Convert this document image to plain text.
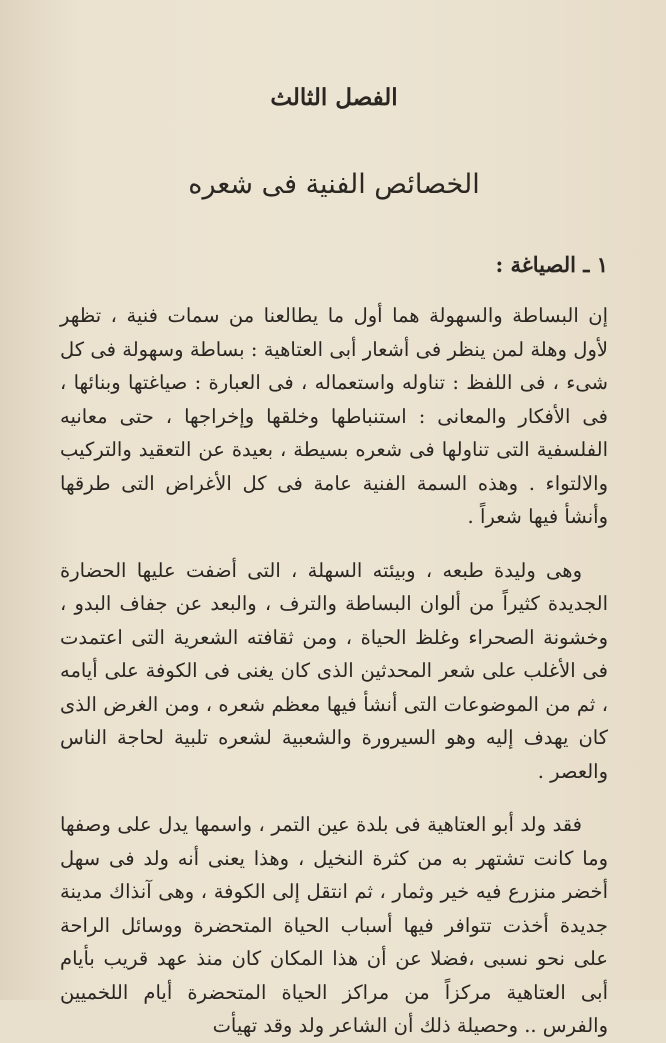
الفصل الثالث
الخصائص الفنية فى شعره
١ ـ الصياغة :

إن البساطة والسهولة هما أول ما يطالعنا من سمات فنية ، تظهر لأول وهلة لمن ينظر فى أشعار أبى العتاهية : بساطة وسهولة فى كل شىء ، فى اللفظ : تناوله واستعماله ، فى العبارة : صياغتها وبنائها ، فى الأفكار والمعانى : استنباطها وخلقها وإخراجها ، حتى معانيه الفلسفية التى تناولها فى شعره بسيطة ، بعيدة عن التعقيد والتركيب والالتواء . وهذه السمة الفنية عامة فى كل الأغراض التى طرقها وأنشأ فيها شعراً .

وهى وليدة طبعه ، وبيئته السهلة ، التى أضفت عليها الحضارة الجديدة كثيراً من ألوان البساطة والترف ، والبعد عن جفاف البدو ، وخشونة الصحراء وغلظ الحياة ، ومن ثقافته الشعرية التى اعتمدت فى الأغلب على شعر المحدثين الذى كان يغنى فى الكوفة على أيامه ، ثم من الموضوعات التى أنشأ فيها معظم شعره ، ومن الغرض الذى كان يهدف إليه وهو السيرورة والشعبية لشعره تلبية لحاجة الناس والعصر .

فقد ولد أبو العتاهية فى بلدة عين التمر ، واسمها يدل على وصفها وما كانت تشتهر به من كثرة النخيل ، وهذا يعنى أنه ولد فى سهل أخضر منزرع فيه خير وثمار ، ثم انتقل إلى الكوفة ، وهى آنذاك مدينة جديدة أخذت تتوافر فيها أسباب الحياة المتحضرة ووسائل الراحة على نحو نسبى ،فضلا عن أن هذا المكان كان منذ عهد قريب بأيام أبى العتاهية مركزاً من مراكز الحياة المتحضرة أيام اللخميين والفرس .. وحصيلة ذلك أن الشاعر ولد وقد تهيأت
